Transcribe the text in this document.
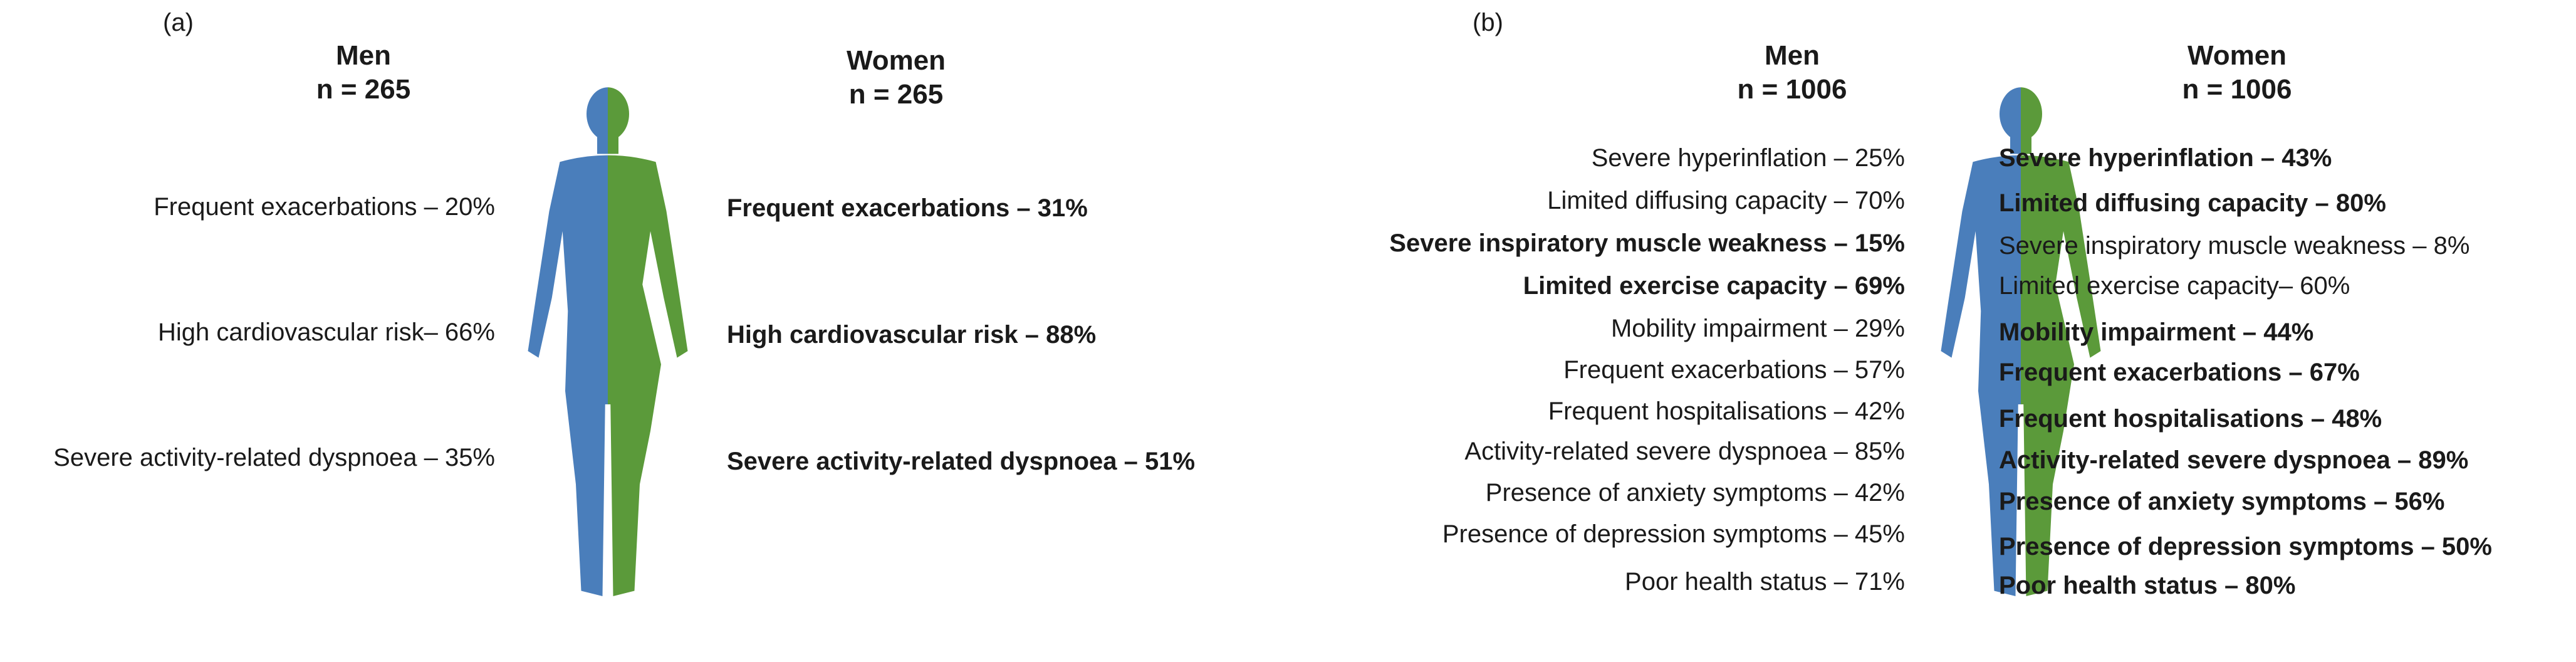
(a)
Men
n = 265
Women
n = 265
Frequent exacerbations – 20%
High cardiovascular risk– 66%
Severe activity-related dyspnoea – 35%
Frequent exacerbations – 31%
High cardiovascular risk – 88%
Severe activity-related dyspnoea – 51%
(b)
Men
n = 1006
Women
n = 1006
Severe hyperinflation – 25%
Limited diffusing capacity – 70%
Severe inspiratory muscle weakness – 15%
Limited exercise capacity – 69%
Mobility impairment – 29%
Frequent exacerbations – 57%
Frequent hospitalisations – 42%
Activity-related severe dyspnoea – 85%
Presence of anxiety symptoms – 42%
Presence of depression symptoms – 45%
Poor health status – 71%
Severe hyperinflation – 43%
Limited diffusing capacity – 80%
Severe inspiratory muscle weakness – 8%
Limited exercise capacity– 60%
Mobility impairment – 44%
Frequent exacerbations – 67%
Frequent hospitalisations – 48%
Activity-related severe dyspnoea – 89%
Presence of anxiety symptoms – 56%
Presence of depression symptoms – 50%
Poor health status – 80%
